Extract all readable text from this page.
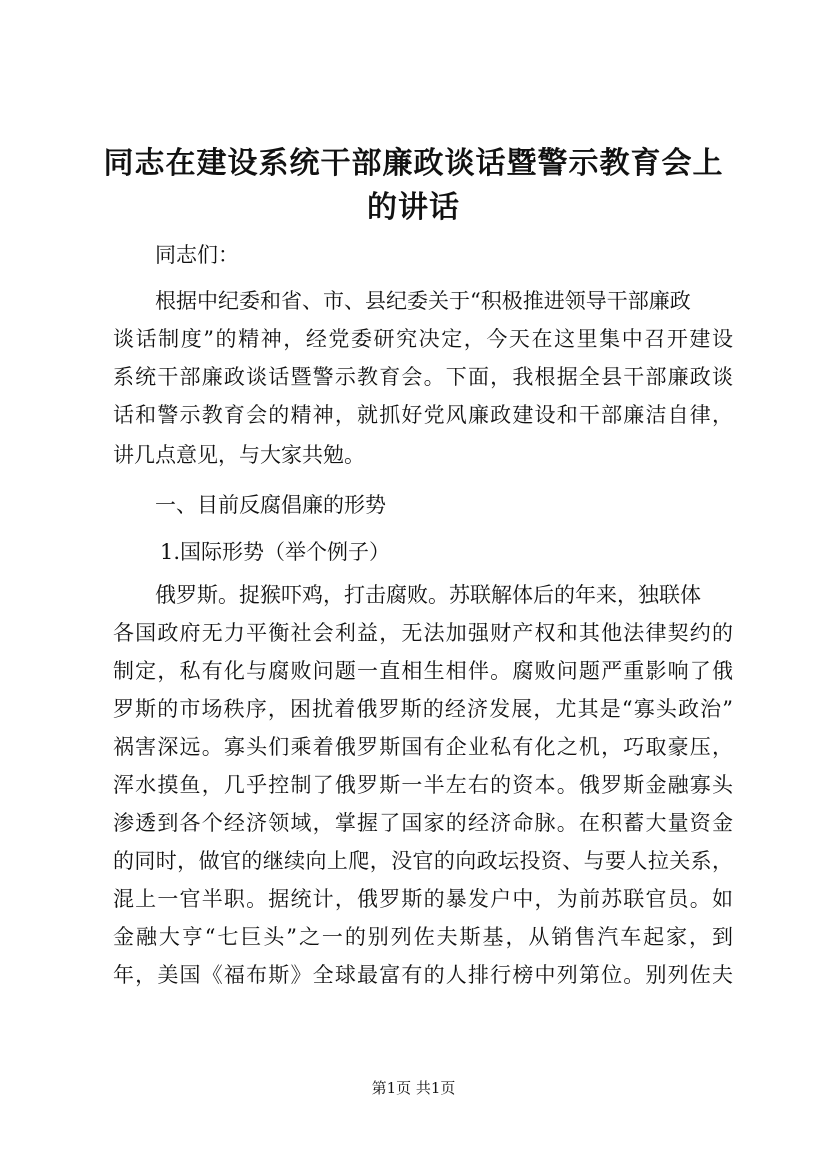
同志在建设系统干部廉政谈话暨警示教育会上
的讲话

同志们：

根据中纪委和省、市、县纪委关于“积极推进领导干部廉政

谈话制度”的精神，经党委研究决定，今天在这里集中召开建设

系统干部廉政谈话暨警示教育会。下面，我根据全县干部廉政谈

话和警示教育会的精神，就抓好党风廉政建设和干部廉洁自律，

讲几点意见，与大家共勉。

一、目前反腐倡廉的形势

1.国际形势（举个例子）

俄罗斯。捉猴吓鸡，打击腐败。苏联解体后的年来，独联体

各国政府无力平衡社会利益，无法加强财产权和其他法律契约的

制定，私有化与腐败问题一直相生相伴。腐败问题严重影响了俄

罗斯的市场秩序，困扰着俄罗斯的经济发展，尤其是“寡头政治”

祸害深远。寡头们乘着俄罗斯国有企业私有化之机，巧取豪压，

浑水摸鱼，几乎控制了俄罗斯一半左右的资本。俄罗斯金融寡头

渗透到各个经济领域，掌握了国家的经济命脉。在积蓄大量资金

的同时，做官的继续向上爬，没官的向政坛投资、与要人拉关系，

混上一官半职。据统计，俄罗斯的暴发户中，为前苏联官员。如

金融大亨“七巨头”之一的别列佐夫斯基，从销售汽车起家，到

年，美国《福布斯》全球最富有的人排行榜中列第位。别列佐夫

第1页 共1页
